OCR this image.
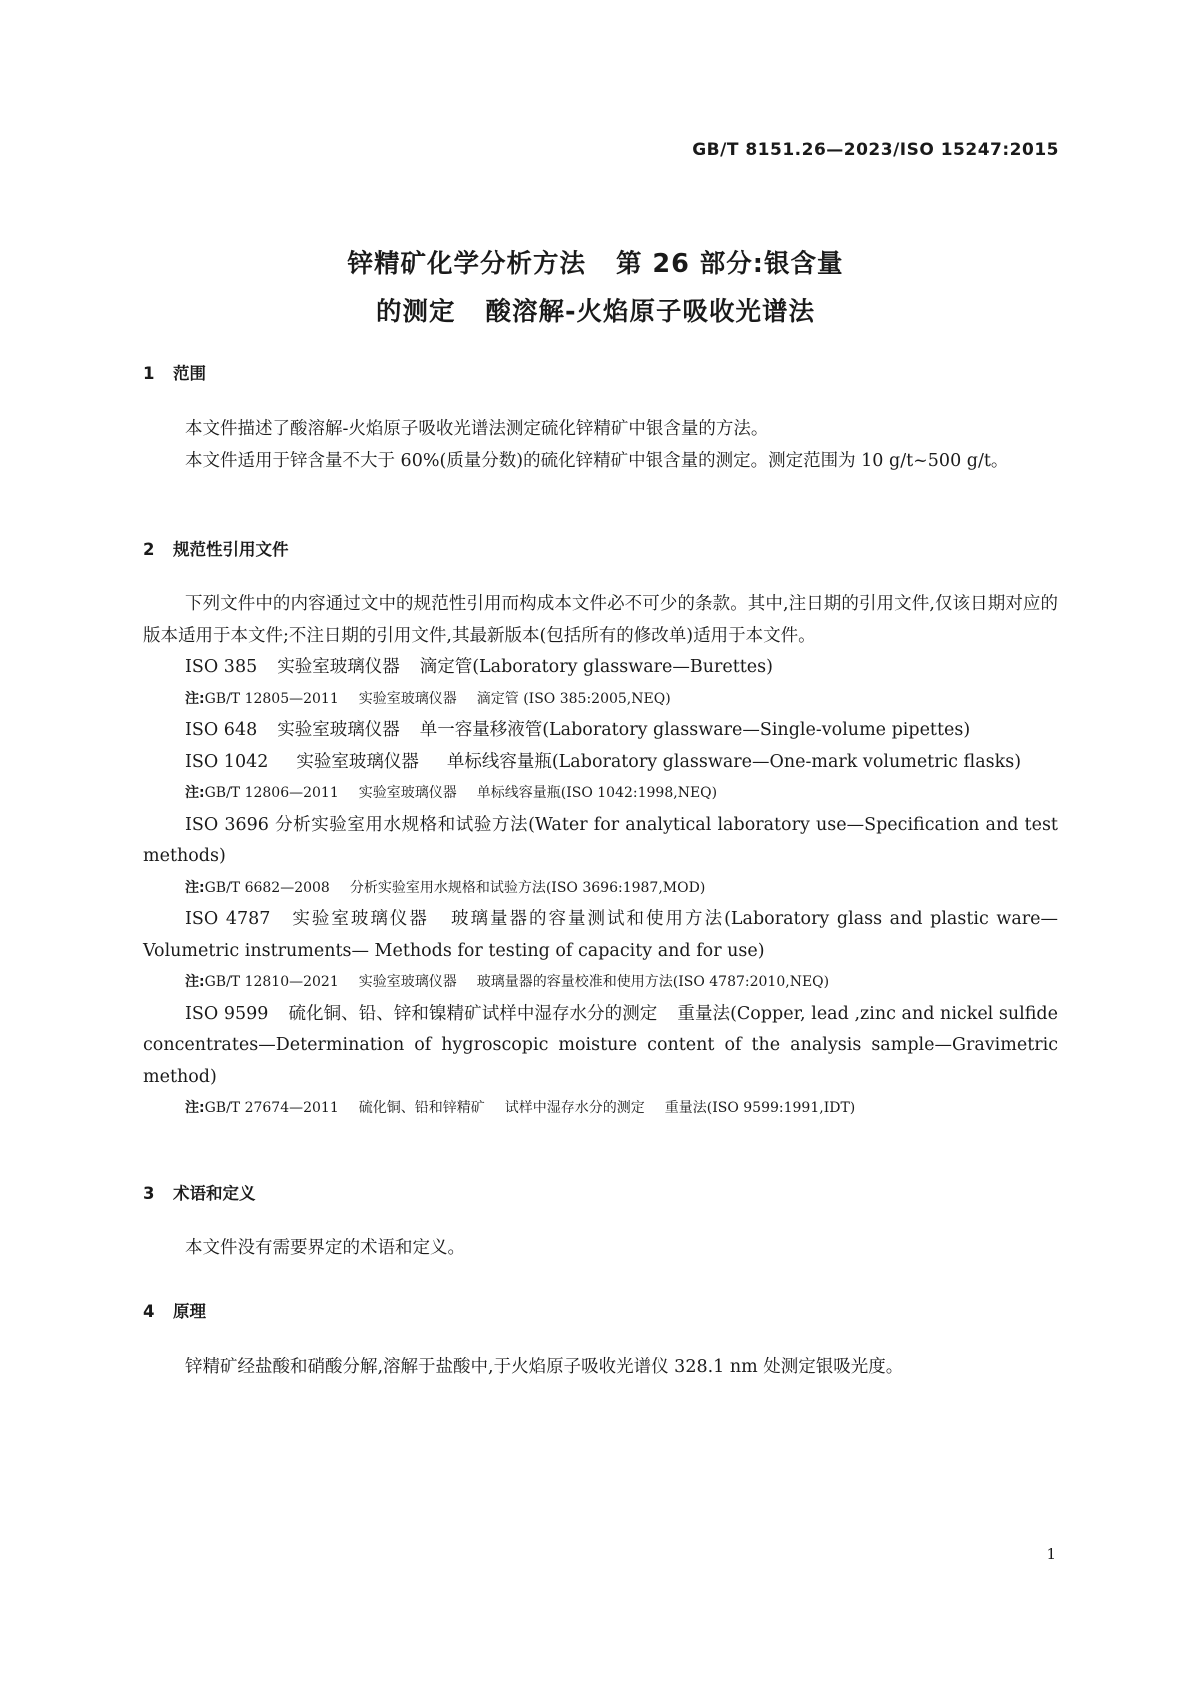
GB/T 8151.26—2023/ISO 15247:2015
锌精矿化学分析方法 第 26 部分:银含量
的测定 酸溶解-火焰原子吸收光谱法
1 范围

本文件描述了酸溶解-火焰原子吸收光谱法测定硫化锌精矿中银含量的方法。

本文件适用于锌含量不大于 60%(质量分数)的硫化锌精矿中银含量的测定。测定范围为 10 g/t~500 g/t。

2 规范性引用文件

下列文件中的内容通过文中的规范性引用而构成本文件必不可少的条款。其中,注日期的引用文件,仅该日期对应的版本适用于本文件;不注日期的引用文件,其最新版本(包括所有的修改单)适用于本文件。

ISO 385 实验室玻璃仪器 滴定管(Laboratory glassware—Burettes)

注:GB/T 12805—2011 实验室玻璃仪器 滴定管 (ISO 385:2005,NEQ)

ISO 648 实验室玻璃仪器 单一容量移液管(Laboratory glassware—Single-volume pipettes)

ISO 1042 实验室玻璃仪器 单标线容量瓶(Laboratory glassware—One-mark volumetric flasks)

注:GB/T 12806—2011 实验室玻璃仪器 单标线容量瓶(ISO 1042:1998,NEQ)

ISO 3696 分析实验室用水规格和试验方法(Water for analytical laboratory use—Specification and test methods)

注:GB/T 6682—2008 分析实验室用水规格和试验方法(ISO 3696:1987,MOD)

ISO 4787 实验室玻璃仪器 玻璃量器的容量测试和使用方法(Laboratory glass and plastic ware—Volumetric instruments— Methods for testing of capacity and for use)

注:GB/T 12810—2021 实验室玻璃仪器 玻璃量器的容量校准和使用方法(ISO 4787:2010,NEQ)

ISO 9599 硫化铜、铅、锌和镍精矿试样中湿存水分的测定 重量法(Copper, lead ,zinc and nickel sulfide concentrates—Determination of hygroscopic moisture content of the analysis sample—Gravimetric method)

注:GB/T 27674—2011 硫化铜、铅和锌精矿 试样中湿存水分的测定 重量法(ISO 9599:1991,IDT)

3 术语和定义

本文件没有需要界定的术语和定义。

4 原理

锌精矿经盐酸和硝酸分解,溶解于盐酸中,于火焰原子吸收光谱仪 328.1 nm 处测定银吸光度。

1
